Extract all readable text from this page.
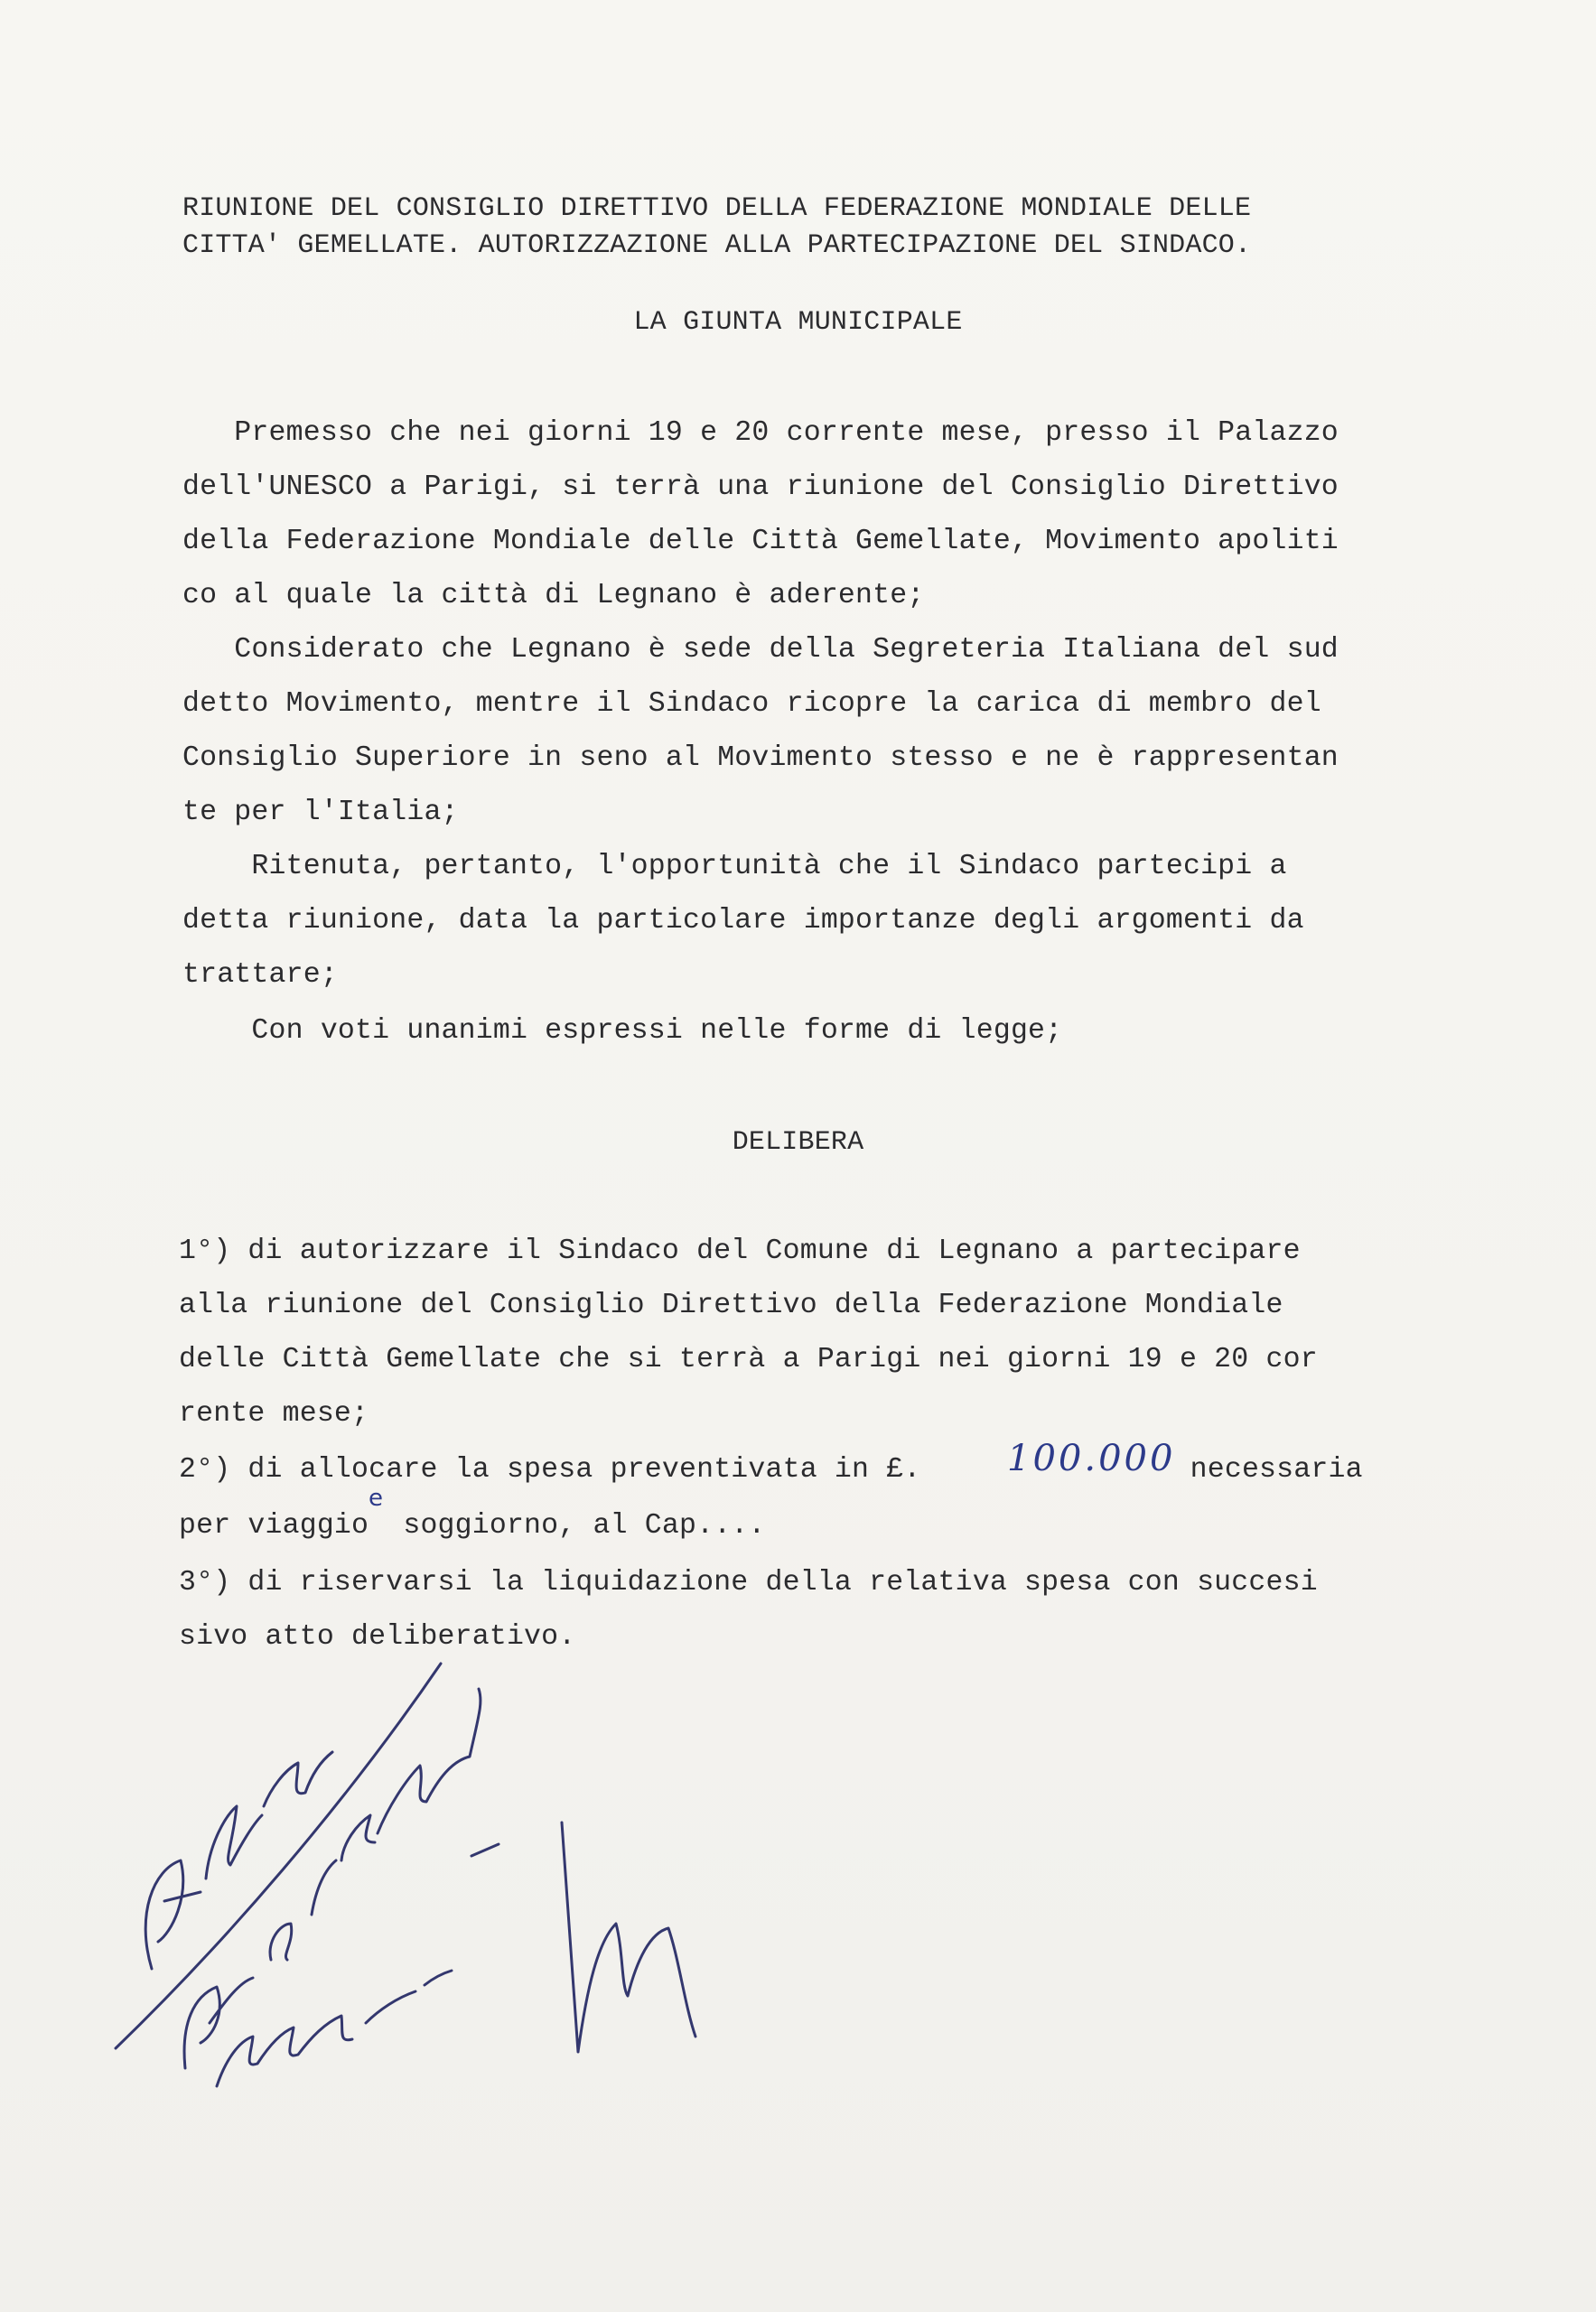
RIUNIONE DEL CONSIGLIO DIRETTIVO DELLA FEDERAZIONE MONDIALE DELLE
CITTA' GEMELLATE. AUTORIZZAZIONE ALLA PARTECIPAZIONE DEL SINDACO.
LA GIUNTA MUNICIPALE
Premesso che nei giorni 19 e 20 corrente mese, presso il Palazzo
dell'UNESCO a Parigi, si terrà una riunione del Consiglio Direttivo
della Federazione Mondiale delle Città Gemellate, Movimento apoliti
co al quale la città di Legnano è aderente;
Considerato che Legnano è sede della Segreteria Italiana del sud
detto Movimento, mentre il Sindaco ricopre la carica di membro del
Consiglio Superiore in seno al Movimento stesso e ne è rappresentan
te per l'Italia;
Ritenuta, pertanto, l'opportunità che il Sindaco partecipi a
detta riunione, data la particolare importanze degli argomenti da
trattare;
Con voti unanimi espressi nelle forme di legge;
DELIBERA
1°) di autorizzare il Sindaco del Comune di Legnano a partecipare
alla riunione del Consiglio Direttivo della Federazione Mondiale
delle Città Gemellate che si terrà a Parigi nei giorni 19 e 20 cor
rente mese;
2°) di allocare la spesa preventivata in £.	necessaria
100.000
per viaggio  soggiorno, al Cap....
e
3°) di riservarsi la liquidazione della relativa spesa con succesi
sivo atto deliberativo.
